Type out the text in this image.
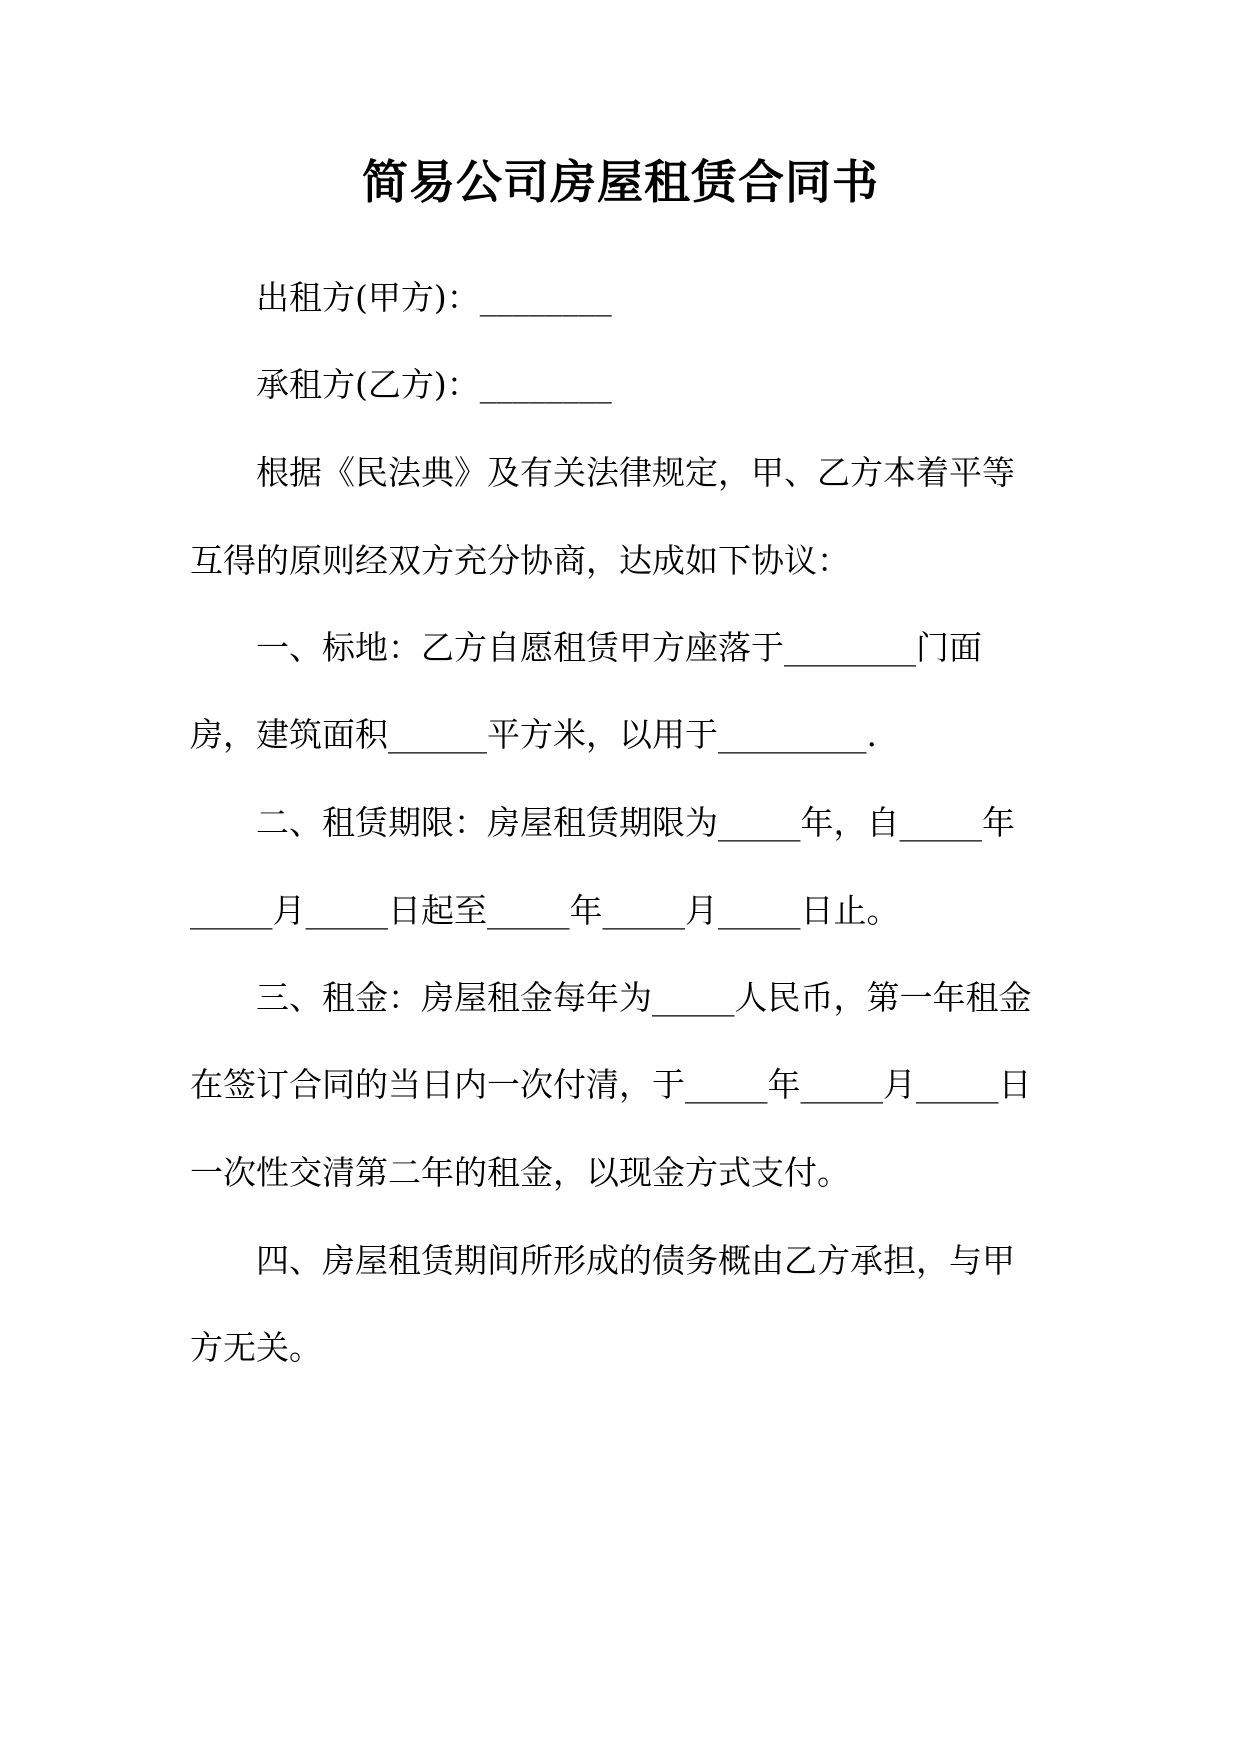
简易公司房屋租赁合同书
出租方(甲方)：________
承租方(乙方)：________
根据《民法典》及有关法律规定，甲、乙方本着平等
互得的原则经双方充分协商，达成如下协议：
一、标地：乙方自愿租赁甲方座落于________门面
房，建筑面积______平方米，以用于_________.
二、租赁期限：房屋租赁期限为_____年，自_____年
_____月_____日起至_____年_____月_____日止。
三、租金：房屋租金每年为_____人民币，第一年租金
在签订合同的当日内一次付清，于_____年_____月_____日
一次性交清第二年的租金，以现金方式支付。
四、房屋租赁期间所形成的债务概由乙方承担，与甲
方无关。
